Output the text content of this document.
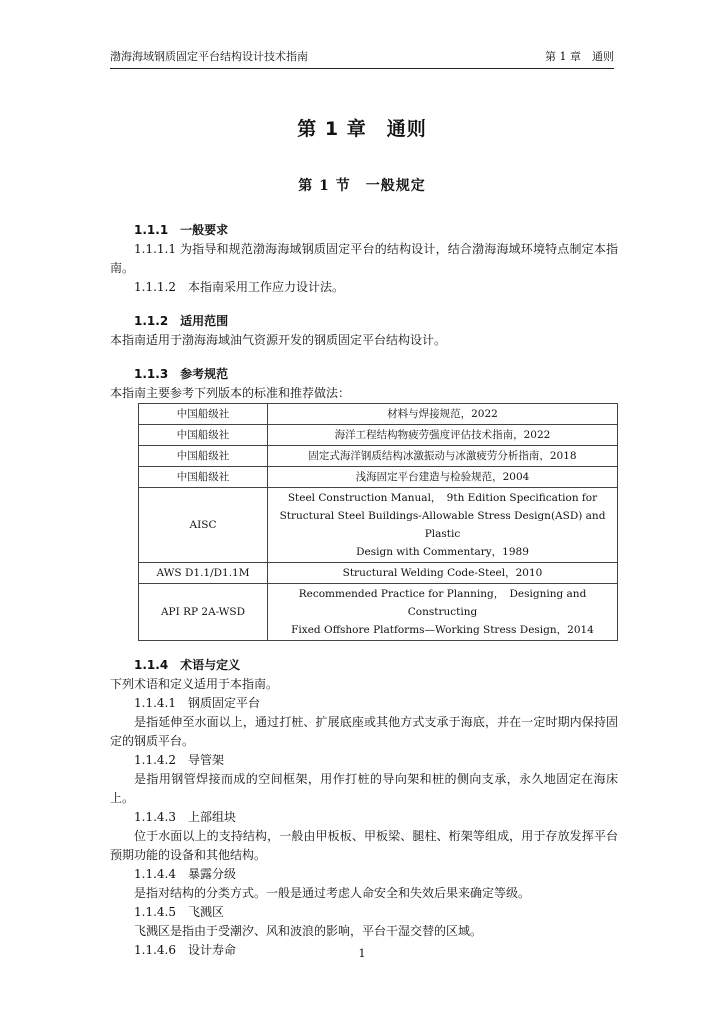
渤海海域钢质固定平台结构设计技术指南	第 1 章　通则
第 1 章　通则
第 1 节　一般规定

1.1.1　一般要求

1.1.1.1 为指导和规范渤海海域钢质固定平台的结构设计，结合渤海海域环境特点制定本指南。

1.1.1.2　本指南采用工作应力设计法。

1.1.2　适用范围

本指南适用于渤海海域油气资源开发的钢质固定平台结构设计。

1.1.3　参考规范

本指南主要参考下列版本的标准和推荐做法：

中国船级社	材料与焊接规范，2022

中国船级社	海洋工程结构物疲劳强度评估技术指南，2022

中国船级社	固定式海洋钢质结构冰激振动与冰激疲劳分析指南，2018

中国船级社	浅海固定平台建造与检验规范，2004

AISC	Steel Construction Manual，　9th Edition Specification for
Structural Steel Buildings-Allowable Stress Design(ASD) and Plastic
Design with Commentary，1989

AWS D1.1/D1.1M	Structural Welding Code-Steel，2010

API RP 2A-WSD	Recommended Practice for Planning，　Designing and Constructing
Fixed Offshore Platforms—Working Stress Design，2014

1.1.4　术语与定义

下列术语和定义适用于本指南。

1.1.4.1　钢质固定平台

是指延伸至水面以上，通过打桩、扩展底座或其他方式支承于海底，并在一定时期内保持固定的钢质平台。

1.1.4.2　导管架

是指用钢管焊接而成的空间框架，用作打桩的导向架和桩的侧向支承，永久地固定在海床上。

1.1.4.3　上部组块

位于水面以上的支持结构，一般由甲板板、甲板梁、腿柱、桁架等组成，用于存放发挥平台预期功能的设备和其他结构。

1.1.4.4　暴露分级

是指对结构的分类方式。一般是通过考虑人命安全和失效后果来确定等级。

1.1.4.5　飞溅区

飞溅区是指由于受潮汐、风和波浪的影响，平台干湿交替的区域。

1.1.4.6　设计寿命	1
